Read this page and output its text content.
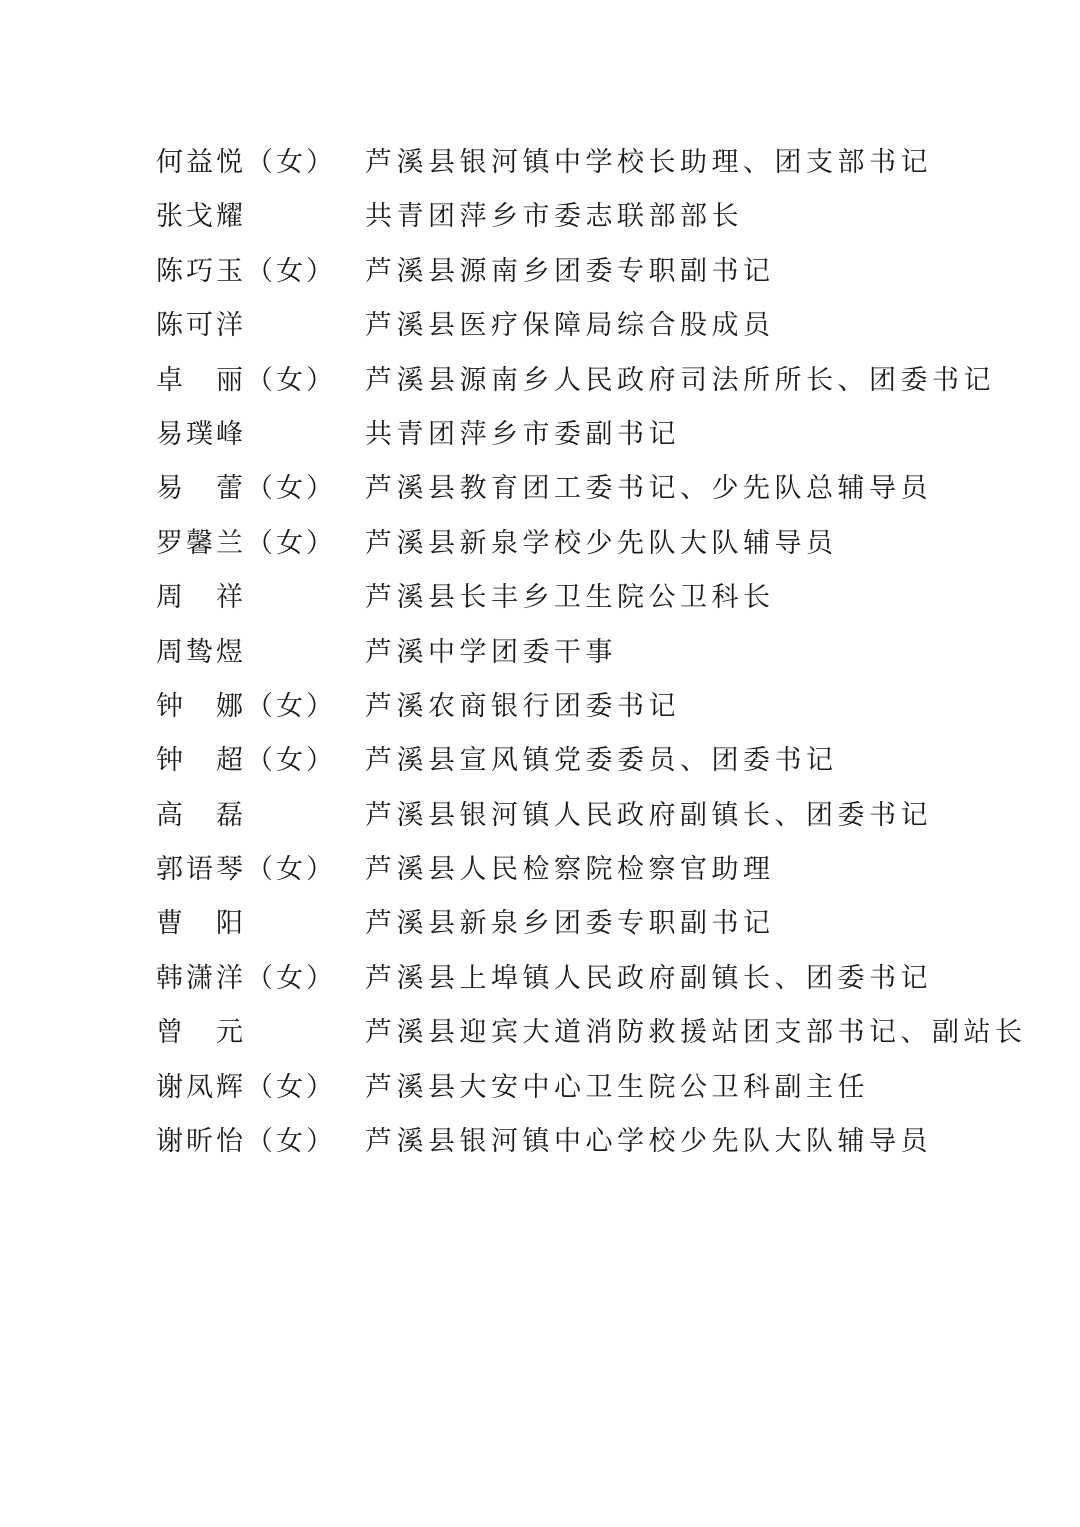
何益悦（女）	芦溪县银河镇中学校长助理、团支部书记
张戈耀	共青团萍乡市委志联部部长
陈巧玉（女）	芦溪县源南乡团委专职副书记
陈可洋	芦溪县医疗保障局综合股成员
卓　丽（女）	芦溪县源南乡人民政府司法所所长、团委书记
易璞峰	共青团萍乡市委副书记
易　蕾（女）	芦溪县教育团工委书记、少先队总辅导员
罗馨兰（女）	芦溪县新泉学校少先队大队辅导员
周　祥	芦溪县长丰乡卫生院公卫科长
周鸷煜	芦溪中学团委干事
钟　娜（女）	芦溪农商银行团委书记
钟　超（女）	芦溪县宣风镇党委委员、团委书记
高　磊	芦溪县银河镇人民政府副镇长、团委书记
郭语琴（女）	芦溪县人民检察院检察官助理
曹　阳	芦溪县新泉乡团委专职副书记
韩潇洋（女）	芦溪县上埠镇人民政府副镇长、团委书记
曾　元	芦溪县迎宾大道消防救援站团支部书记、副站长
谢凤辉（女）	芦溪县大安中心卫生院公卫科副主任
谢昕怡（女）	芦溪县银河镇中心学校少先队大队辅导员
